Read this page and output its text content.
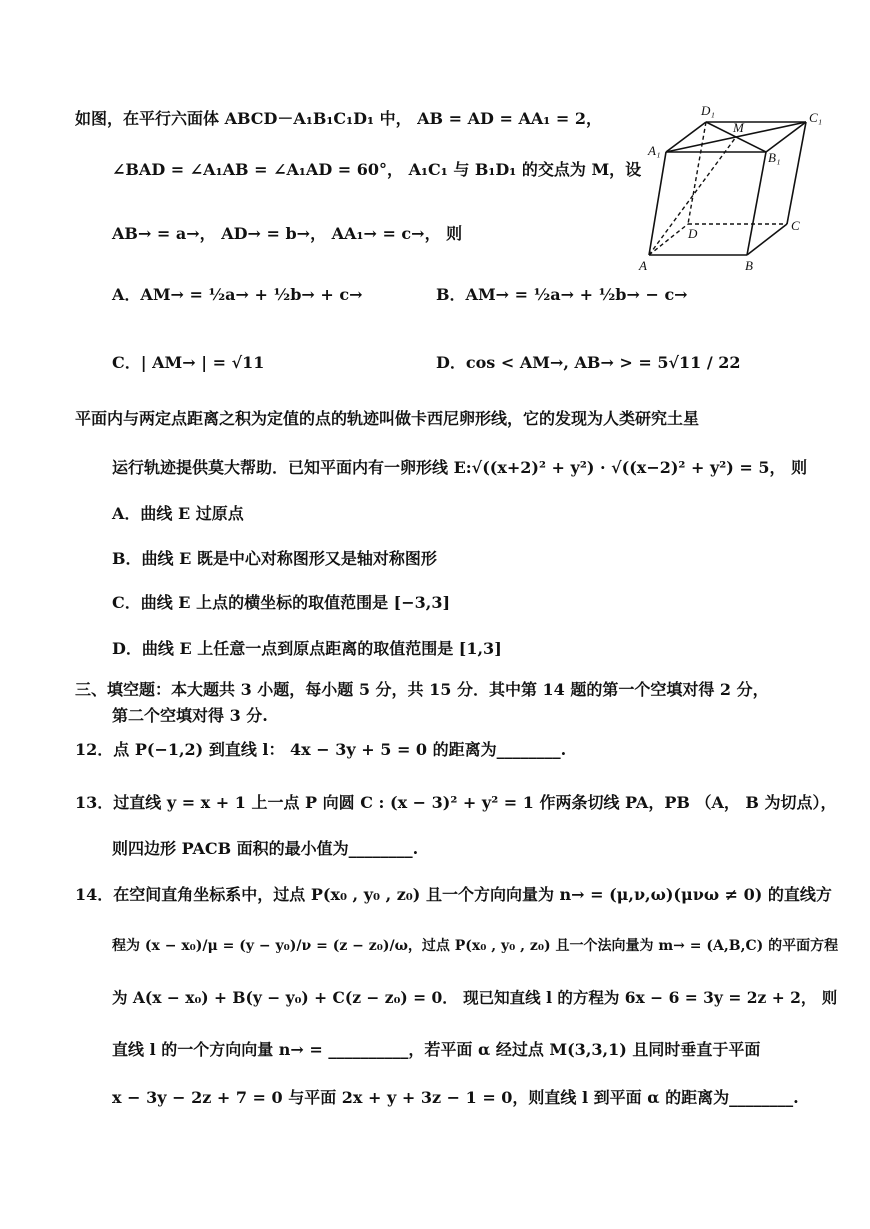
如图，在平行六面体 ABCD－A₁B₁C₁D₁ 中， AB = AD = AA₁ = 2，
∠BAD = ∠A₁AB = ∠A₁AD = 60°， A₁C₁ 与 B₁D₁ 的交点为 M，设
AB→ = a→， AD→ = b→， AA₁→ = c→， 则
A．AM→ = ½a→ + ½b→ + c→	B．AM→ = ½a→ + ½b→ − c→
C．| AM→ | = √11	D．cos < AM→, AB→ > = 5√11 / 22
D₁	C₁
M
A₁	B₁
D
C
A	B
平面内与两定点距离之积为定值的点的轨迹叫做卡西尼卵形线，它的发现为人类研究土星
运行轨迹提供莫大帮助．已知平面内有一卵形线 E:√((x+2)² + y²) · √((x−2)² + y²) = 5， 则
A．曲线 E 过原点
B．曲线 E 既是中心对称图形又是轴对称图形
C．曲线 E 上点的横坐标的取值范围是 [−3,3]
D．曲线 E 上任意一点到原点距离的取值范围是 [1,3]
三、填空题：本大题共 3 小题，每小题 5 分，共 15 分．其中第 14 题的第一个空填对得 2 分，
第二个空填对得 3 分.
12．点 P(−1,2) 到直线 l： 4x − 3y + 5 = 0 的距离为________.
13．过直线 y = x + 1 上一点 P 向圆 C : (x − 3)² + y² = 1 作两条切线 PA，PB （A， B 为切点），
则四边形 PACB 面积的最小值为________.
14．在空间直角坐标系中，过点 P(x₀ , y₀ , z₀) 且一个方向向量为 n→ = (μ,ν,ω)(μνω ≠ 0) 的直线方
程为 (x − x₀)/μ = (y − y₀)/ν = (z − z₀)/ω，过点 P(x₀ , y₀ , z₀) 且一个法向量为 m→ = (A,B,C) 的平面方程
为 A(x − x₀) + B(y − y₀) + C(z − z₀) = 0． 现已知直线 l 的方程为 6x − 6 = 3y = 2z + 2， 则
直线 l 的一个方向向量 n→ = __________，若平面 α 经过点 M(3,3,1) 且同时垂直于平面
x − 3y − 2z + 7 = 0 与平面 2x + y + 3z − 1 = 0，则直线 l 到平面 α 的距离为________.
